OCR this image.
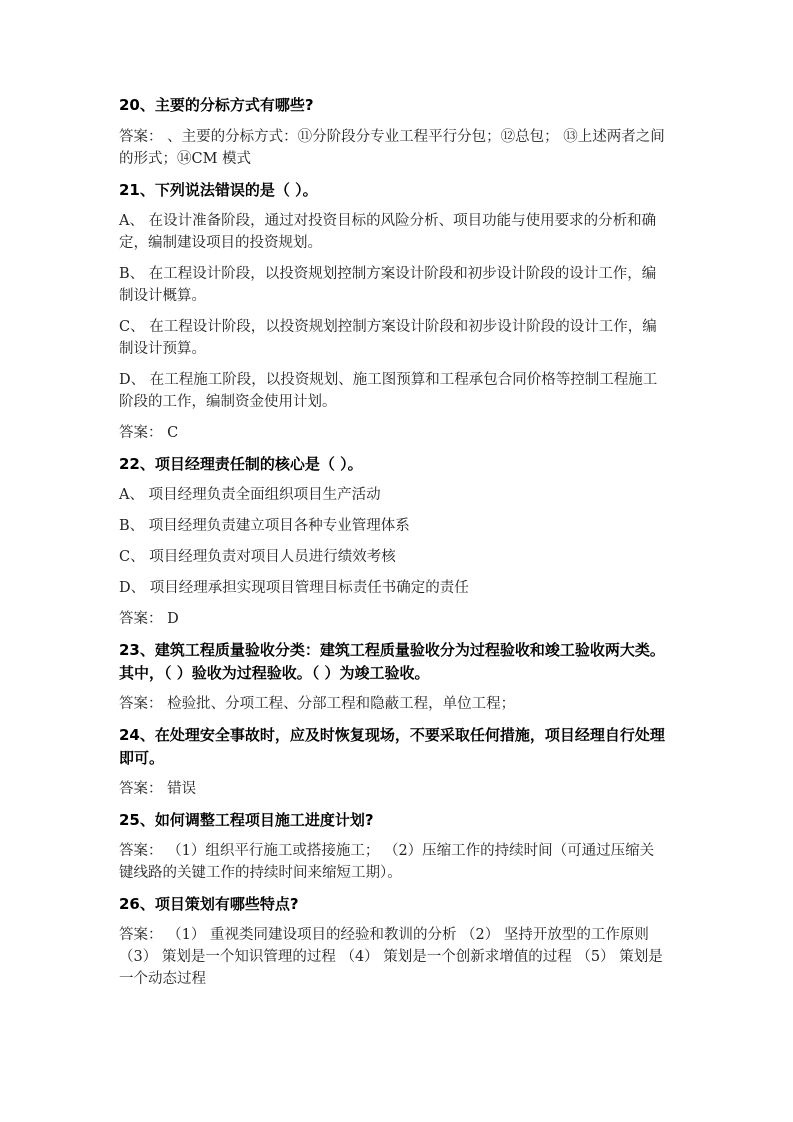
20、主要的分标方式有哪些?
答案： 、主要的分标方式：⑪分阶段分专业工程平行分包；⑫总包； ⑬上述两者之间的形式；⑭CM 模式
21、下列说法错误的是（ ）。
A、 在设计准备阶段，通过对投资目标的风险分析、项目功能与使用要求的分析和确定，编制建设项目的投资规划。
B、 在工程设计阶段，以投资规划控制方案设计阶段和初步设计阶段的设计工作，编制设计概算。
C、 在工程设计阶段，以投资规划控制方案设计阶段和初步设计阶段的设计工作，编制设计预算。
D、 在工程施工阶段，以投资规划、施工图预算和工程承包合同价格等控制工程施工阶段的工作，编制资金使用计划。
答案： C
22、项目经理责任制的核心是（ ）。
A、 项目经理负责全面组织项目生产活动
B、 项目经理负责建立项目各种专业管理体系
C、 项目经理负责对项目人员进行绩效考核
D、 项目经理承担实现项目管理目标责任书确定的责任
答案： D
23、建筑工程质量验收分类：建筑工程质量验收分为过程验收和竣工验收两大类。其中，（ ）验收为过程验收。（ ）为竣工验收。
答案： 检验批、分项工程、分部工程和隐蔽工程，单位工程；
24、在处理安全事故时，应及时恢复现场，不要采取任何措施，项目经理自行处理即可。
答案： 错误
25、如何调整工程项目施工进度计划?
答案： （1）组织平行施工或搭接施工； （2）压缩工作的持续时间（可通过压缩关键线路的关键工作的持续时间来缩短工期）。
26、项目策划有哪些特点?
答案： （1） 重视类同建设项目的经验和教训的分析 （2） 坚持开放型的工作原则 （3） 策划是一个知识管理的过程 （4） 策划是一个创新求增值的过程 （5） 策划是一个动态过程
